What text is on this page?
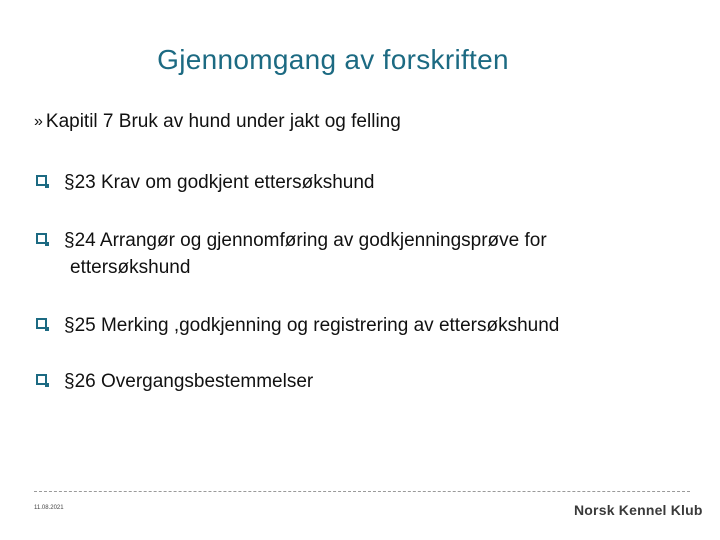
Gjennomgang av forskriften
» Kapitil 7 Bruk av hund under jakt og felling
§23 Krav om godkjent ettersøkshund
§24 Arrangør og gjennomføring av godkjenningsprøve for
ettersøkshund
§25 Merking ,godkjenning og registrering av ettersøkshund
§26 Overgangsbestemmelser
11.08.2021	Norsk Kennel Klub
